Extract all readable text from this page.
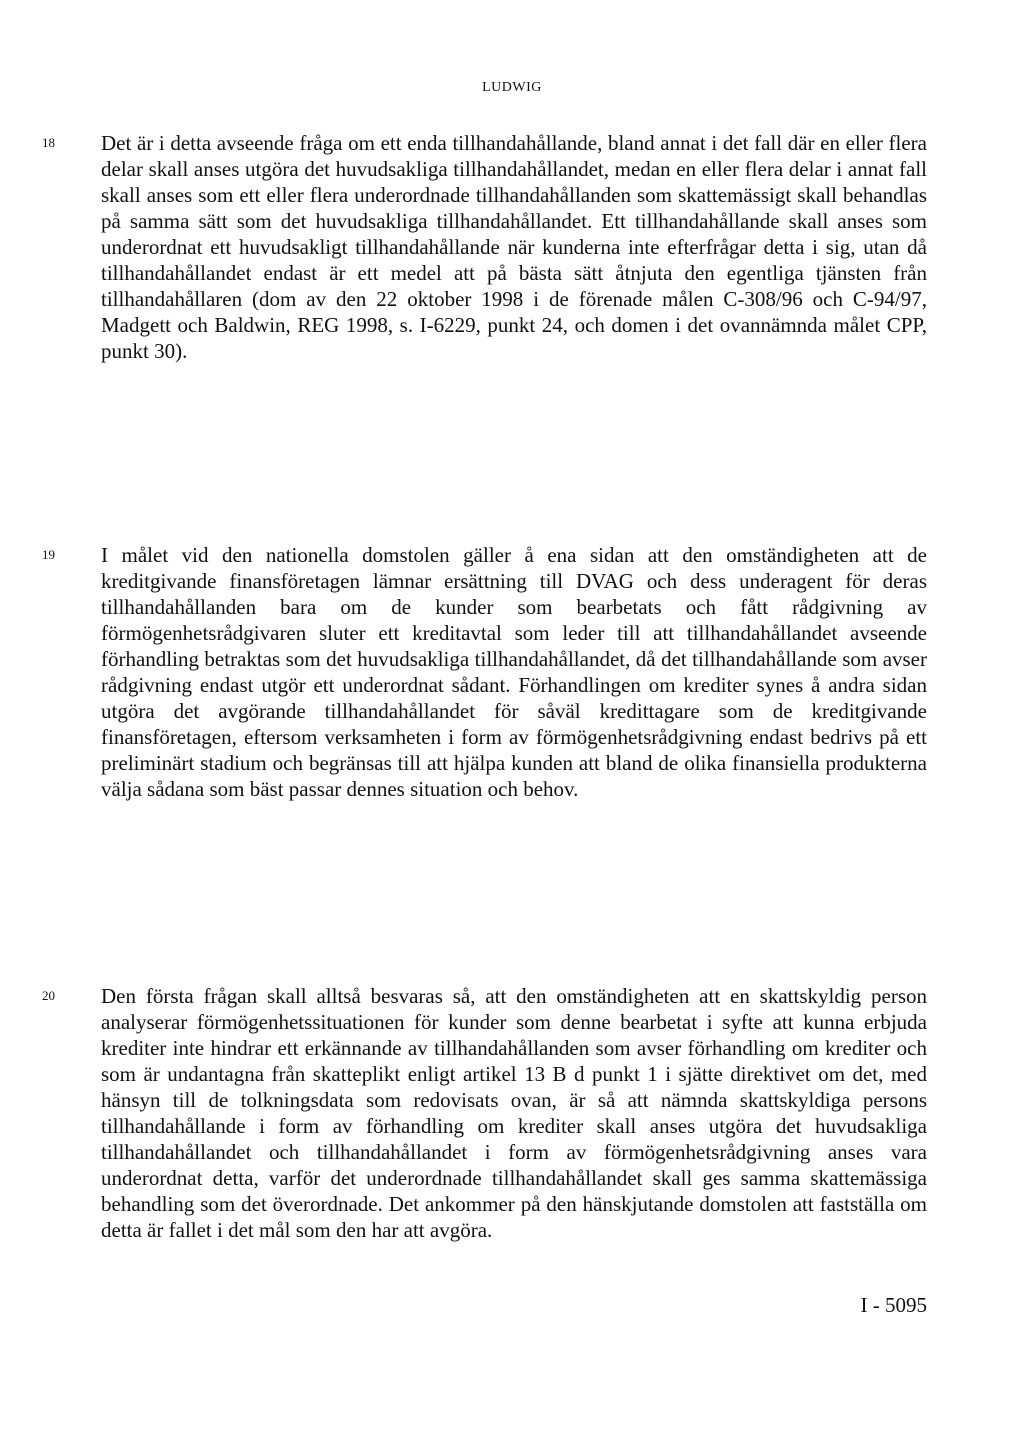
LUDWIG
18 Det är i detta avseende fråga om ett enda tillhandahållande, bland annat i det fall där en eller flera delar skall anses utgöra det huvudsakliga tillhandahållandet, medan en eller flera delar i annat fall skall anses som ett eller flera underordnade tillhandahållanden som skattemässigt skall behandlas på samma sätt som det huvudsakliga tillhandahållandet. Ett tillhandahållande skall anses som underordnat ett huvudsakligt tillhandahållande när kunderna inte efterfrågar detta i sig, utan då tillhandahållandet endast är ett medel att på bästa sätt åtnjuta den egentliga tjänsten från tillhandahållaren (dom av den 22 oktober 1998 i de förenade målen C-308/96 och C-94/97, Madgett och Baldwin, REG 1998, s. I-6229, punkt 24, och domen i det ovannämnda målet CPP, punkt 30).
19 I målet vid den nationella domstolen gäller å ena sidan att den omständigheten att de kreditgivande finansföretagen lämnar ersättning till DVAG och dess underagent för deras tillhandahållanden bara om de kunder som bearbetats och fått rådgivning av förmögenhetsrådgivaren sluter ett kreditavtal som leder till att tillhandahållandet avseende förhandling betraktas som det huvudsakliga tillhandahållandet, då det tillhandahållande som avser rådgivning endast utgör ett underordnat sådant. Förhandlingen om krediter synes å andra sidan utgöra det avgörande tillhandahållandet för såväl kredittagare som de kreditgivande finansföretagen, eftersom verksamheten i form av förmögenhetsrådgivning endast bedrivs på ett preliminärt stadium och begränsas till att hjälpa kunden att bland de olika finansiella produkterna välja sådana som bäst passar dennes situation och behov.
20 Den första frågan skall alltså besvaras så, att den omständigheten att en skattskyldig person analyserar förmögenhetssituationen för kunder som denne bearbetat i syfte att kunna erbjuda krediter inte hindrar ett erkännande av tillhandahållanden som avser förhandling om krediter och som är undantagna från skatteplikt enligt artikel 13 B d punkt 1 i sjätte direktivet om det, med hänsyn till de tolkningsdata som redovisats ovan, är så att nämnda skattskyldiga persons tillhandahållande i form av förhandling om krediter skall anses utgöra det huvudsakliga tillhandahållandet och tillhandahållandet i form av förmögenhetsrådgivning anses vara underordnat detta, varför det underordnade tillhandahållandet skall ges samma skattemässiga behandling som det överordnade. Det ankommer på den hänskjutande domstolen att fastställa om detta är fallet i det mål som den har att avgöra.
I - 5095
